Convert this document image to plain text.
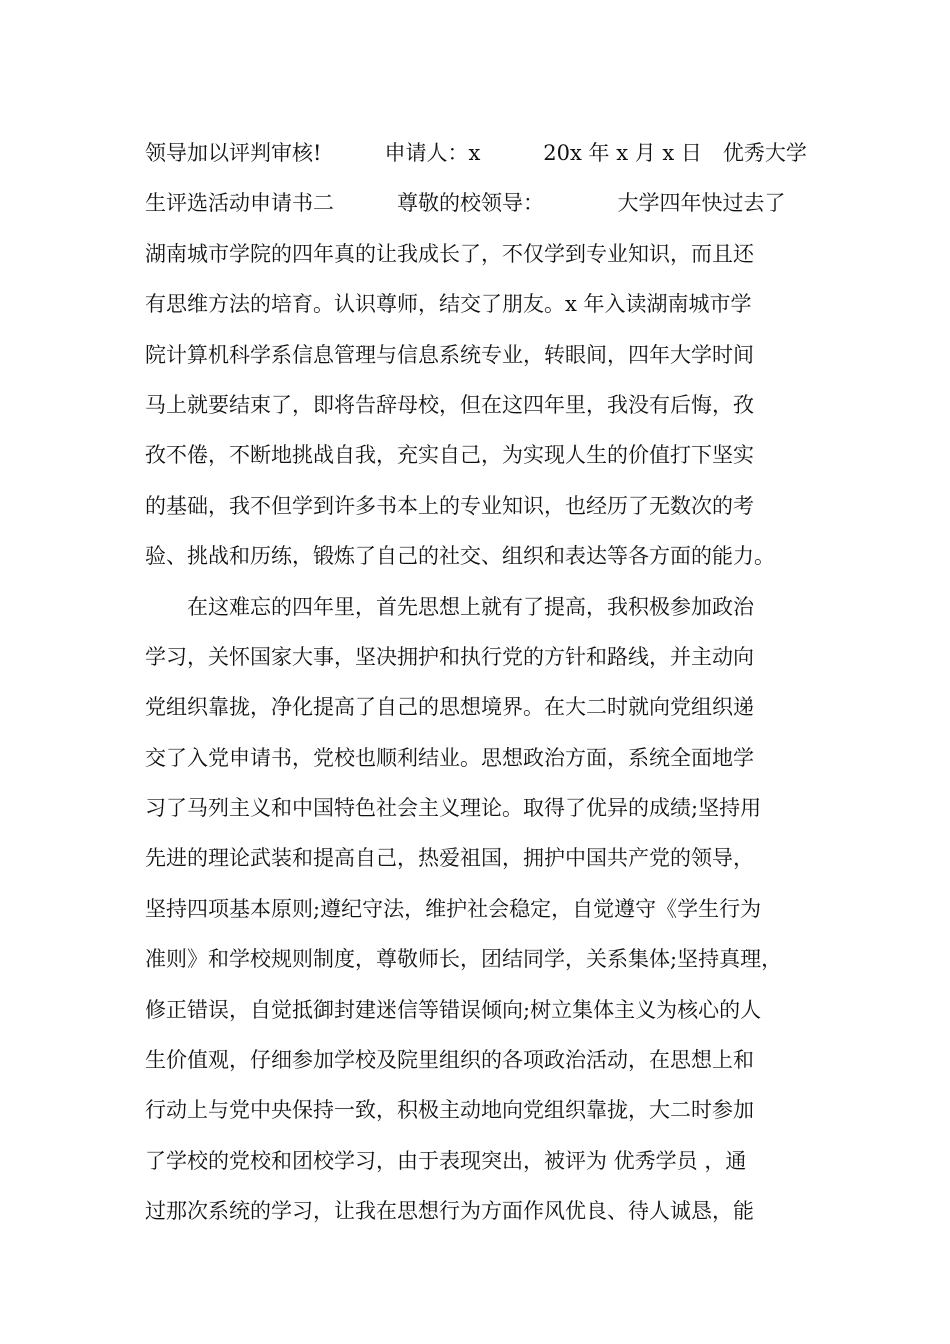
领导加以评判审核!　　　申请人：x　　　20x 年 x 月 x 日　优秀大学
生评选活动申请书二　　　尊敬的校领导：　　　　大学四年快过去了
湖南城市学院的四年真的让我成长了，不仅学到专业知识，而且还
有思维方法的培育。认识尊师，结交了朋友。x 年入读湖南城市学
院计算机科学系信息管理与信息系统专业，转眼间，四年大学时间
马上就要结束了，即将告辞母校，但在这四年里，我没有后悔，孜
孜不倦，不断地挑战自我，充实自己，为实现人生的价值打下坚实
的基础，我不但学到许多书本上的专业知识，也经历了无数次的考
验、挑战和历练，锻炼了自己的社交、组织和表达等各方面的能力。
　　在这难忘的四年里，首先思想上就有了提高，我积极参加政治
学习，关怀国家大事，坚决拥护和执行党的方针和路线，并主动向
党组织靠拢，净化提高了自己的思想境界。在大二时就向党组织递
交了入党申请书，党校也顺利结业。思想政治方面，系统全面地学
习了马列主义和中国特色社会主义理论。取得了优异的成绩;坚持用
先进的理论武装和提高自己，热爱祖国，拥护中国共产党的领导，
坚持四项基本原则;遵纪守法，维护社会稳定，自觉遵守《学生行为
准则》和学校规则制度，尊敬师长，团结同学，关系集体;坚持真理，
修正错误，自觉抵御封建迷信等错误倾向;树立集体主义为核心的人
生价值观，仔细参加学校及院里组织的各项政治活动，在思想上和
行动上与党中央保持一致，积极主动地向党组织靠拢，大二时参加
了学校的党校和团校学习，由于表现突出，被评为 优秀学员 ，通
过那次系统的学习，让我在思想行为方面作风优良、待人诚恳，能
